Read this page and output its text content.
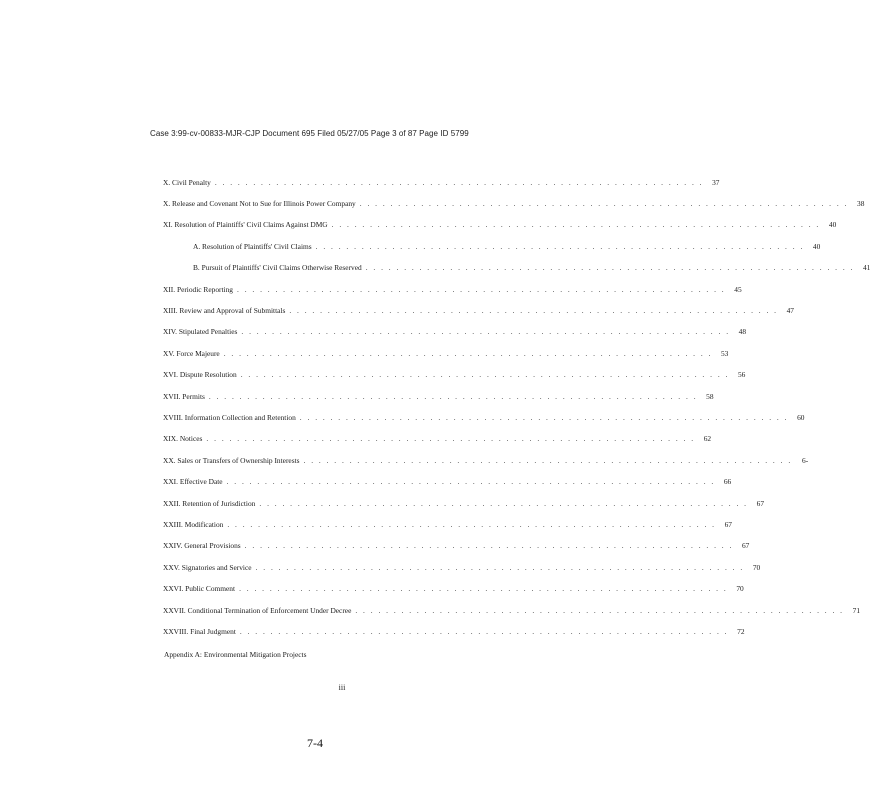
Case 3:99-cv-00833-MJR-CJP Document 695 Filed 05/27/05 Page 3 of 87 Page ID 5799
X. Civil Penalty . . . . . . . . . . . . . . . . . . . . . . . . . . . . . . . . . . . . . . . . . . . . . . . . . . . . . . . . . . . . . . . .	37
X. Release and Covenant Not to Sue for Illinois Power Company . . . . . . . . . . . . . . . . . . . . . . . . . . . . . . . . . . . . . . . . . . . . . . . . . . . . . . . . . . . . . . . .	38
XI. Resolution of Plaintiffs' Civil Claims Against DMG . . . . . . . . . . . . . . . . . . . . . . . . . . . . . . . . . . . . . . . . . . . . . . . . . . . . . . . . . . . . . . . .	40
A. Resolution of Plaintiffs' Civil Claims . . . . . . . . . . . . . . . . . . . . . . . . . . . . . . . . . . . . . . . . . . . . . . . . . . . . . . . . . . . . . . . .	40
B. Pursuit of Plaintiffs' Civil Claims Otherwise Reserved . . . . . . . . . . . . . . . . . . . . . . . . . . . . . . . . . . . . . . . . . . . . . . . . . . . . . . . . . . . . . . . .	41
XII. Periodic Reporting . . . . . . . . . . . . . . . . . . . . . . . . . . . . . . . . . . . . . . . . . . . . . . . . . . . . . . . . . . . . . . . .	45
XIII. Review and Approval of Submittals . . . . . . . . . . . . . . . . . . . . . . . . . . . . . . . . . . . . . . . . . . . . . . . . . . . . . . . . . . . . . . . .	47
XIV. Stipulated Penalties . . . . . . . . . . . . . . . . . . . . . . . . . . . . . . . . . . . . . . . . . . . . . . . . . . . . . . . . . . . . . . . .	48
XV. Force Majeure . . . . . . . . . . . . . . . . . . . . . . . . . . . . . . . . . . . . . . . . . . . . . . . . . . . . . . . . . . . . . . . .	53
XVI. Dispute Resolution . . . . . . . . . . . . . . . . . . . . . . . . . . . . . . . . . . . . . . . . . . . . . . . . . . . . . . . . . . . . . . . .	56
XVII. Permits . . . . . . . . . . . . . . . . . . . . . . . . . . . . . . . . . . . . . . . . . . . . . . . . . . . . . . . . . . . . . . . .	58
XVIII. Information Collection and Retention . . . . . . . . . . . . . . . . . . . . . . . . . . . . . . . . . . . . . . . . . . . . . . . . . . . . . . . . . . . . . . . .	60
XIX. Notices . . . . . . . . . . . . . . . . . . . . . . . . . . . . . . . . . . . . . . . . . . . . . . . . . . . . . . . . . . . . . . . .	62
XX. Sales or Transfers of Ownership Interests . . . . . . . . . . . . . . . . . . . . . . . . . . . . . . . . . . . . . . . . . . . . . . . . . . . . . . . . . . . . . . . .	6-
XXI. Effective Date . . . . . . . . . . . . . . . . . . . . . . . . . . . . . . . . . . . . . . . . . . . . . . . . . . . . . . . . . . . . . . . .	66
XXII. Retention of Jurisdiction . . . . . . . . . . . . . . . . . . . . . . . . . . . . . . . . . . . . . . . . . . . . . . . . . . . . . . . . . . . . . . . .	67
XXIII. Modification . . . . . . . . . . . . . . . . . . . . . . . . . . . . . . . . . . . . . . . . . . . . . . . . . . . . . . . . . . . . . . . .	67
XXIV. General Provisions . . . . . . . . . . . . . . . . . . . . . . . . . . . . . . . . . . . . . . . . . . . . . . . . . . . . . . . . . . . . . . . .	67
XXV. Signatories and Service . . . . . . . . . . . . . . . . . . . . . . . . . . . . . . . . . . . . . . . . . . . . . . . . . . . . . . . . . . . . . . . .	70
XXVI. Public Comment . . . . . . . . . . . . . . . . . . . . . . . . . . . . . . . . . . . . . . . . . . . . . . . . . . . . . . . . . . . . . . . .	70
XXVII. Conditional Termination of Enforcement Under Decree . . . . . . . . . . . . . . . . . . . . . . . . . . . . . . . . . . . . . . . . . . . . . . . . . . . . . . . . . . . . . . . .	71
XXVIII. Final Judgment . . . . . . . . . . . . . . . . . . . . . . . . . . . . . . . . . . . . . . . . . . . . . . . . . . . . . . . . . . . . . . . .	72
Appendix A: Environmental Mitigation Projects
iii
7-4
